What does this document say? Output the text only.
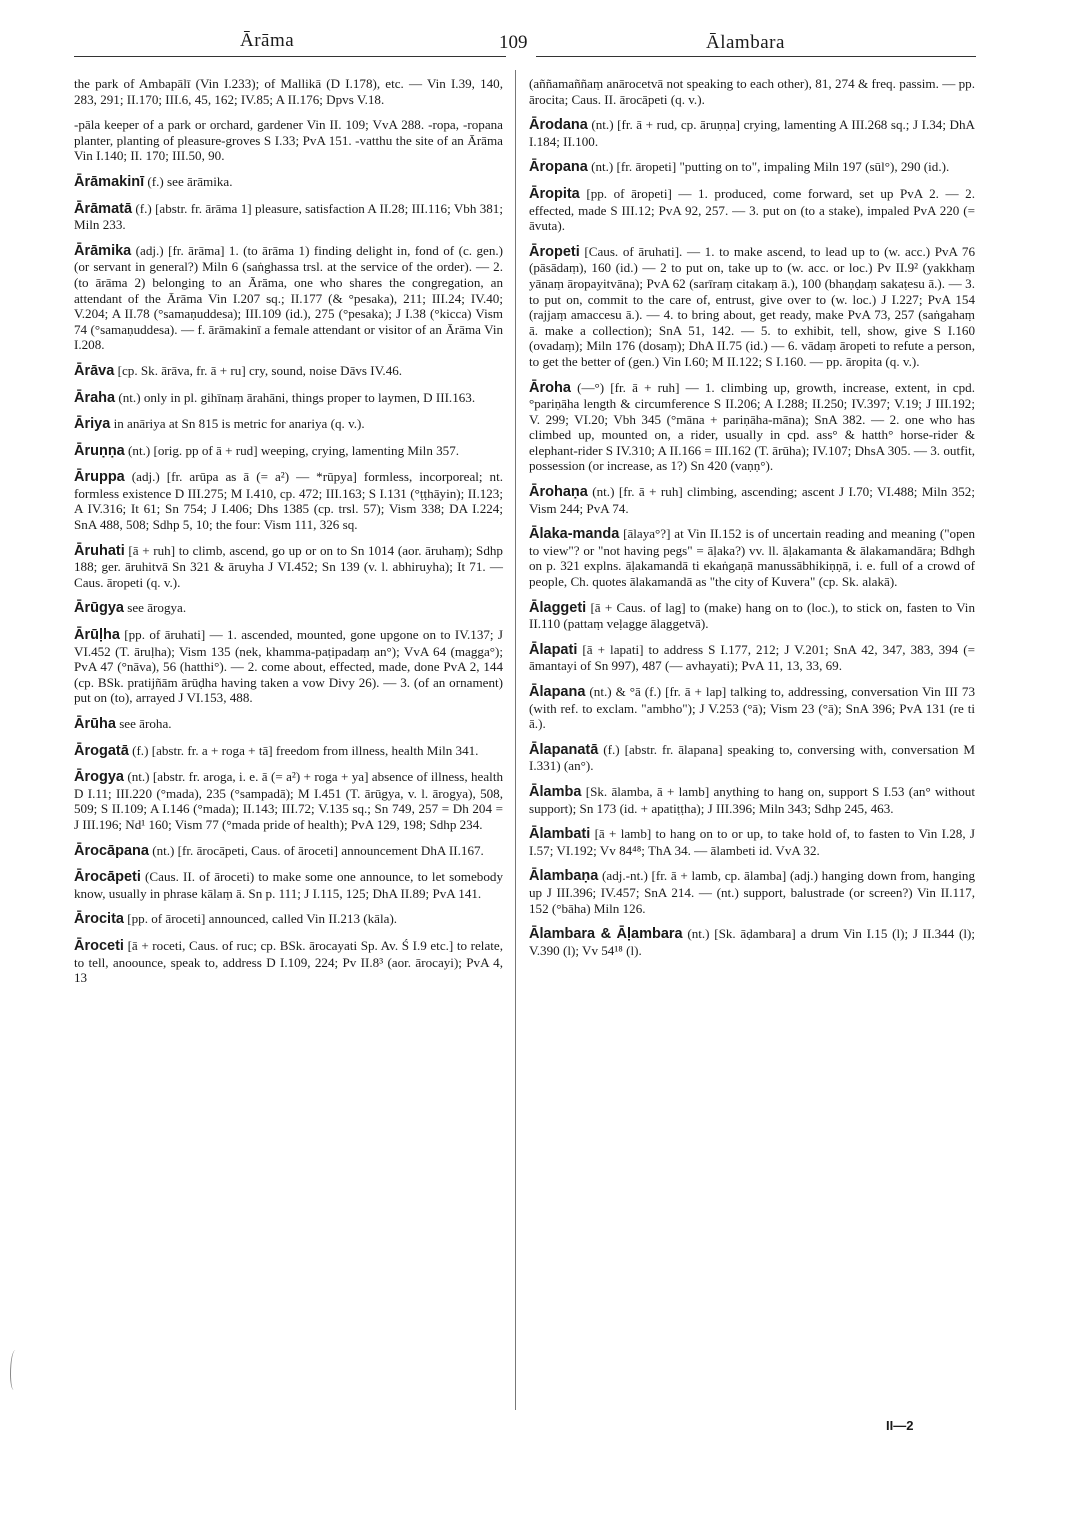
Ārāma	109	Ālambara

the park of Ambapālī (Vin I.233); of Mallikā (D I.178), etc. — Vin I.39, 140, 283, 291; II.170; III.6, 45, 162; IV.85; A II.176; Dpvs V.18.

-pāla keeper of a park or orchard, gardener Vin II. 109; VvA 288. -ropa, -ropana planter, planting of pleasure-groves S I.33; PvA 151. -vatthu the site of an Ārāma Vin I.140; II. 170; III.50, 90.

Ārāmakinī (f.) see ārāmika.

Ārāmatā (f.) [abstr. fr. ārāma 1] pleasure, satisfaction A II.28; III.116; Vbh 381; Miln 233.

Ārāmika (adj.) [fr. ārāma] 1. (to ārāma 1) finding delight in, fond of (c. gen.) (or servant in general?) Miln 6 (saṅghassa trsl. at the service of the order). — 2. (to ārāma 2) belonging to an Ārāma, one who shares the congregation, an attendant of the Ārāma Vin I.207 sq.; II.177 (& °pesaka), 211; III.24; IV.40; V.204; A II.78 (°samaṇuddesa); III.109 (id.), 275 (°pesaka); J I.38 (°kicca) Vism 74 (°samaṇuddesa). — f. ārāmakinī a female attendant or visitor of an Ārāma Vin I.208.

Ārāva [cp. Sk. ārāva, fr. ā + ru] cry, sound, noise Dāvs IV.46.

Āraha (nt.) only in pl. gihīnaṃ ārahāni, things proper to laymen, D III.163.

Āriya in anāriya at Sn 815 is metric for anariya (q. v.).

Āruṇṇa (nt.) [orig. pp of ā + rud] weeping, crying, lamenting Miln 357.

Āruppa (adj.) [fr. arūpa as ā (= a²) — *rūpya] formless, incorporeal; nt. formless existence D III.275; M I.410, cp. 472; III.163; S I.131 (°ṭṭhāyin); II.123; A IV.316; It 61; Sn 754; J I.406; Dhs 1385 (cp. trsl. 57); Vism 338; DA I.224; SnA 488, 508; Sdhp 5, 10; the four: Vism 111, 326 sq.

Āruhati [ā + ruh] to climb, ascend, go up or on to Sn 1014 (aor. āruhaṃ); Sdhp 188; ger. āruhitvā Sn 321 & āruyha J VI.452; Sn 139 (v. l. abhiruyha); It 71. — Caus. āropeti (q. v.).

Ārūgya see ārogya.

Ārūḷha [pp. of āruhati] — 1. ascended, mounted, gone upgone on to IV.137; J VI.452 (T. āruḷha); Vism 135 (nek, khamma-paṭipadaṃ an°); VvA 64 (magga°); PvA 47 (°nāva), 56 (hatthi°). — 2. come about, effected, made, done PvA 2, 144 (cp. BSk. pratijñām ārūḍha having taken a vow Divy 26). — 3. (of an ornament) put on (to), arrayed J VI.153, 488.

Ārūha see āroha.

Ārogatā (f.) [abstr. fr. a + roga + tā] freedom from illness, health Miln 341.

Ārogya (nt.) [abstr. fr. aroga, i. e. ā (= a²) + roga + ya] absence of illness, health D I.11; III.220 (°mada), 235 (°sampadā); M I.451 (T. ārūgya, v. l. ārogya), 508, 509; S II.109; A I.146 (°mada); II.143; III.72; V.135 sq.; Sn 749, 257 = Dh 204 = J III.196; Nd¹ 160; Vism 77 (°mada pride of health); PvA 129, 198; Sdhp 234.

Ārocāpana (nt.) [fr. ārocāpeti, Caus. of āroceti] announcement DhA II.167.

Ārocāpeti (Caus. II. of āroceti) to make some one announce, to let somebody know, usually in phrase kālaṃ ā. Sn p. 111; J I.115, 125; DhA II.89; PvA 141.

Ārocita [pp. of āroceti] announced, called Vin II.213 (kāla).

Āroceti [ā + roceti, Caus. of ruc; cp. BSk. ārocayati Sp. Av. Ś I.9 etc.] to relate, to tell, anoounce, speak to, address D I.109, 224; Pv II.8³ (aor. ārocayi); PvA 4, 13

(aññamaññaṃ anārocetvā not speaking to each other), 81, 274 & freq. passim. — pp. ārocita; Caus. II. ārocāpeti (q. v.).

Ārodana (nt.) [fr. ā + rud, cp. āruṇṇa] crying, lamenting A III.268 sq.; J I.34; DhA I.184; II.100.

Āropana (nt.) [fr. āropeti] "putting on to", impaling Miln 197 (sūl°), 290 (id.).

Āropita [pp. of āropeti] — 1. produced, come forward, set up PvA 2. — 2. effected, made S III.12; PvA 92, 257. — 3. put on (to a stake), impaled PvA 220 (= āvuta).

Āropeti [Caus. of āruhati]. — 1. to make ascend, to lead up to (w. acc.) PvA 76 (pāsādaṃ), 160 (id.) — 2 to put on, take up to (w. acc. or loc.) Pv II.9² (yakkhaṃ yānaṃ āropayitvāna); PvA 62 (sarīraṃ citakaṃ ā.), 100 (bhaṇḍaṃ sakaṭesu ā.). — 3. to put on, commit to the care of, entrust, give over to (w. loc.) J I.227; PvA 154 (rajjaṃ amaccesu ā.). — 4. to bring about, get ready, make PvA 73, 257 (saṅgahaṃ ā. make a collection); SnA 51, 142. — 5. to exhibit, tell, show, give S I.160 (ovadaṃ); Miln 176 (dosaṃ); DhA II.75 (id.) — 6. vādaṃ āropeti to refute a person, to get the better of (gen.) Vin I.60; M II.122; S I.160. — pp. āropita (q. v.).

Āroha (—°) [fr. ā + ruh] — 1. climbing up, growth, increase, extent, in cpd. °pariṇāha length & circumference S II.206; A I.288; II.250; IV.397; V.19; J III.192; V. 299; VI.20; Vbh 345 (°māna + pariṇāha-māna); SnA 382. — 2. one who has climbed up, mounted on, a rider, usually in cpd. ass° & hatth° horse-rider & elephant-rider S IV.310; A II.166 = III.162 (T. ārūha); IV.107; DhsA 305. — 3. outfit, possession (or increase, as 1?) Sn 420 (vaṇṇ°).

Ārohaṇa (nt.) [fr. ā + ruh] climbing, ascending; ascent J I.70; VI.488; Miln 352; Vism 244; PvA 74.

Ālaka-manda [ālaya°?] at Vin II.152 is of uncertain reading and meaning ("open to view"? or "not having pegs" = āḷaka?) vv. ll. āḷakamanta & ālakamandāra; Bdhgh on p. 321 explns. āḷakamandā ti ekaṅgaṇā manussābhikiṇṇā, i. e. full of a crowd of people, Ch. quotes ālakamandā as "the city of Kuvera" (cp. Sk. alakā).

Ālaggeti [ā + Caus. of lag] to (make) hang on to (loc.), to stick on, fasten to Vin II.110 (pattaṃ veḷagge ālaggetvā).

Ālapati [ā + lapati] to address S I.177, 212; J V.201; SnA 42, 347, 383, 394 (= āmantayi of Sn 997), 487 (— avhayati); PvA 11, 13, 33, 69.

Ālapana (nt.) & °ā (f.) [fr. ā + lap] talking to, addressing, conversation Vin III 73 (with ref. to exclam. "ambho"); J V.253 (°ā); Vism 23 (°ā); SnA 396; PvA 131 (re ti ā.).

Ālapanatā (f.) [abstr. fr. ālapana] speaking to, conversing with, conversation M I.331) (an°).

Ālamba [Sk. ālamba, ā + lamb] anything to hang on, support S I.53 (an° without support); Sn 173 (id. + apatiṭṭha); J III.396; Miln 343; Sdhp 245, 463.

Ālambati [ā + lamb] to hang on to or up, to take hold of, to fasten to Vin I.28, J I.57; VI.192; Vv 84⁴⁸; ThA 34. — ālambeti id. VvA 32.

Ālambaṇa (adj.-nt.) [fr. ā + lamb, cp. ālamba] (adj.) hanging down from, hanging up J III.396; IV.457; SnA 214. — (nt.) support, balustrade (or screen?) Vin II.117, 152 (°bāha) Miln 126.

Ālambara & Āḷambara (nt.) [Sk. āḍambara] a drum Vin I.15 (l); J II.344 (l); V.390 (l); Vv 54¹⁸ (l).

II—2
